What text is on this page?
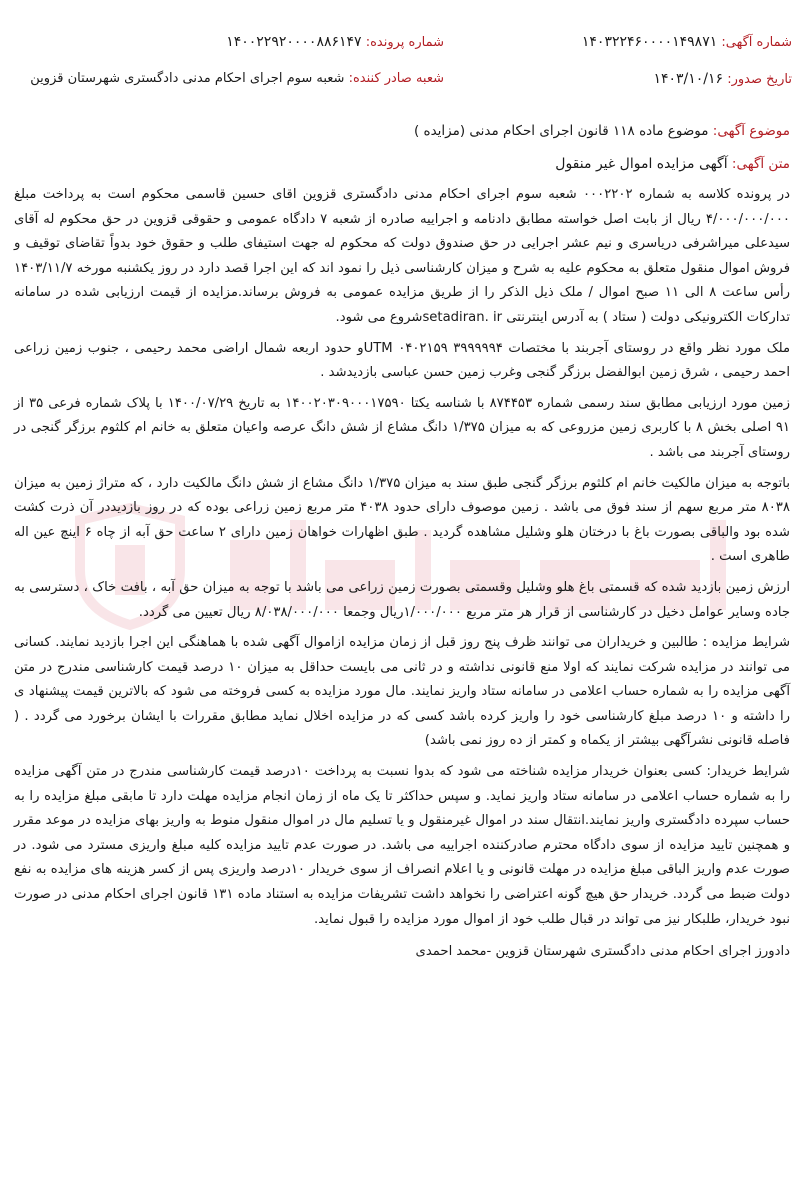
شماره آگهی: ۱۴۰۳۲۲۴۶۰۰۰۰۱۴۹۸۷۱
شماره پرونده: ۱۴۰۰۲۲۹۲۰۰۰۰۸۸۶۱۴۷
تاریخ صدور: ۱۴۰۳/۱۰/۱۶
شعبه صادر کننده: شعبه سوم اجرای احکام مدنی دادگستری شهرستان قزوین
موضوع آگهی: موضوع ماده ۱۱۸ قانون اجرای احکام مدنی (مزایده )
متن آگهی: آگهی مزایده اموال غیر منقول

در پرونده کلاسه به شماره ۰۰۰۲۲۰۲ شعبه سوم اجرای احکام مدنی دادگستری قزوین اقای حسین قاسمی محکوم است به پرداخت مبلغ ۴/۰۰۰/۰۰۰/۰۰۰ ریال از بابت اصل خواسته مطابق دادنامه و اجراییه صادره از شعبه ۷ دادگاه عمومی و حقوقی قزوین در حق محکوم له آقای سیدعلی میراشرفی دریاسری و نیم عشر اجرایی در حق صندوق دولت که محکوم له جهت استیفای طلب و حقوق خود بدواً تقاضای توقیف و فروش اموال منقول متعلق به محکوم علیه به شرح و میزان کارشناسی ذیل را نمود اند که این اجرا قصد دارد در روز یکشنبه مورخه ۱۴۰۳/۱۱/۷ رأس ساعت ۸ الی ۱۱ صبح اموال / ملک ذیل الذکر را از طریق مزایده عمومی به فروش برساند.مزایده از قیمت ارزیابی شده در سامانه تدارکات الکترونیکی دولت ( ستاد ) به آدرس اینترنتی setadiran. irشروع می شود.

ملک مورد نظر واقع در روستای آجربند با مختصات ۳۹۹۹۹۹۴ ۰۴۰۲۱۵۹ UTMو حدود اربعه شمال اراضی محمد رحیمی ، جنوب زمین زراعی احمد رحیمی ، شرق زمین ابوالفضل برزگر گنجی وغرب زمین حسن عباسی بازدیدشد .

زمین مورد ارزیابی مطابق سند رسمی شماره ۸۷۴۴۵۳ با شناسه یکتا ۱۴۰۰۲۰۳۰۹۰۰۰۱۷۵۹۰ به تاریخ ۱۴۰۰/۰۷/۲۹ با پلاک شماره فرعی ۳۵ از ۹۱ اصلی بخش ۸ با کاربری زمین مزروعی که به میزان ۱/۳۷۵ دانگ مشاع از شش دانگ عرصه واعیان متعلق به خانم ام کلثوم برزگر گنجی در روستای آجربند می باشد .

باتوجه به میزان مالکیت خانم ام کلثوم برزگر گنجی طبق سند به میزان ۱/۳۷۵ دانگ مشاع از شش دانگ مالکیت دارد ، که متراژ زمین به میزان ۸۰۳۸ متر مربع سهم از سند فوق می باشد . زمین موصوف دارای حدود ۴۰۳۸ متر مربع زمین زراعی بوده که در روز بازدیددر آن ذرت کشت شده بود والباقی بصورت باغ با درختان هلو وشلیل مشاهده گردید . طبق اظهارات خواهان زمین دارای ۲ ساعت حق آبه از چاه ۶ اینچ عین اله طاهری است .

ارزش زمین بازدید شده که قسمتی باغ هلو وشلیل وقسمتی بصورت زمین زراعی می باشد با توجه به میزان حق آبه ، بافت خاک ، دسترسی به جاده وسایر عوامل دخیل در کارشناسی از قرار هر متر مربع ۱/۰۰۰/۰۰۰ریال وجمعا ۸/۰۳۸/۰۰۰/۰۰۰ ریال تعیین می گردد.

شرایط مزایده : طالبین و خریداران می توانند ظرف پنج روز قبل از زمان مزایده ازاموال آگهی شده با هماهنگی این اجرا بازدید نمایند. کسانی می توانند در مزایده شرکت نمایند که اولا منع قانونی نداشته و در ثانی می بایست حداقل به میزان ۱۰ درصد قیمت کارشناسی مندرج در متن آگهی مزایده را به شماره حساب اعلامی در سامانه ستاد واریز نمایند. مال مورد مزایده به کسی فروخته می شود که بالاترین قیمت پیشنهاد ی را داشته و ۱۰ درصد مبلغ کارشناسی خود را واریز کرده باشد کسی که در مزایده اخلال نماید مطابق مقررات با ایشان برخورد می گردد . ( فاصله قانونی نشرآگهی بیشتر از یکماه و کمتر از ده روز نمی باشد)

شرایط خریدار: کسی بعنوان خریدار مزایده شناخته می شود که بدوا نسبت به پرداخت ۱۰درصد قیمت کارشناسی مندرج در متن آگهی مزایده را به شماره حساب اعلامی در سامانه ستاد واریز نماید. و سپس حداکثر تا یک ماه از زمان انجام مزایده مهلت دارد تا مابقی مبلغ مزایده را به حساب سپرده دادگستری واریز نمایند.انتقال سند در اموال غیرمنقول و یا تسلیم مال در اموال منقول منوط به واریز بهای مزایده در موعد مقرر و همچنین تایید مزایده از سوی دادگاه محترم صادرکننده اجراییه می باشد. در صورت عدم تایید مزایده کلیه مبلغ واریزی مسترد می شود. در صورت عدم واریز الباقی مبلغ مزایده در مهلت قانونی و یا اعلام انصراف از سوی خریدار ۱۰درصد واریزی پس از کسر هزینه های مزایده به نفع دولت ضبط می گردد. خریدار حق هیچ گونه اعتراضی را نخواهد داشت تشریفات مزایده به استناد ماده ۱۳۱ قانون اجرای احکام مدنی در صورت نبود خریدار، طلبکار نیز می تواند در قبال طلب خود از اموال مورد مزایده را قبول نماید.

دادورز اجرای احکام مدنی دادگستری شهرستان قزوین -محمد احمدی
